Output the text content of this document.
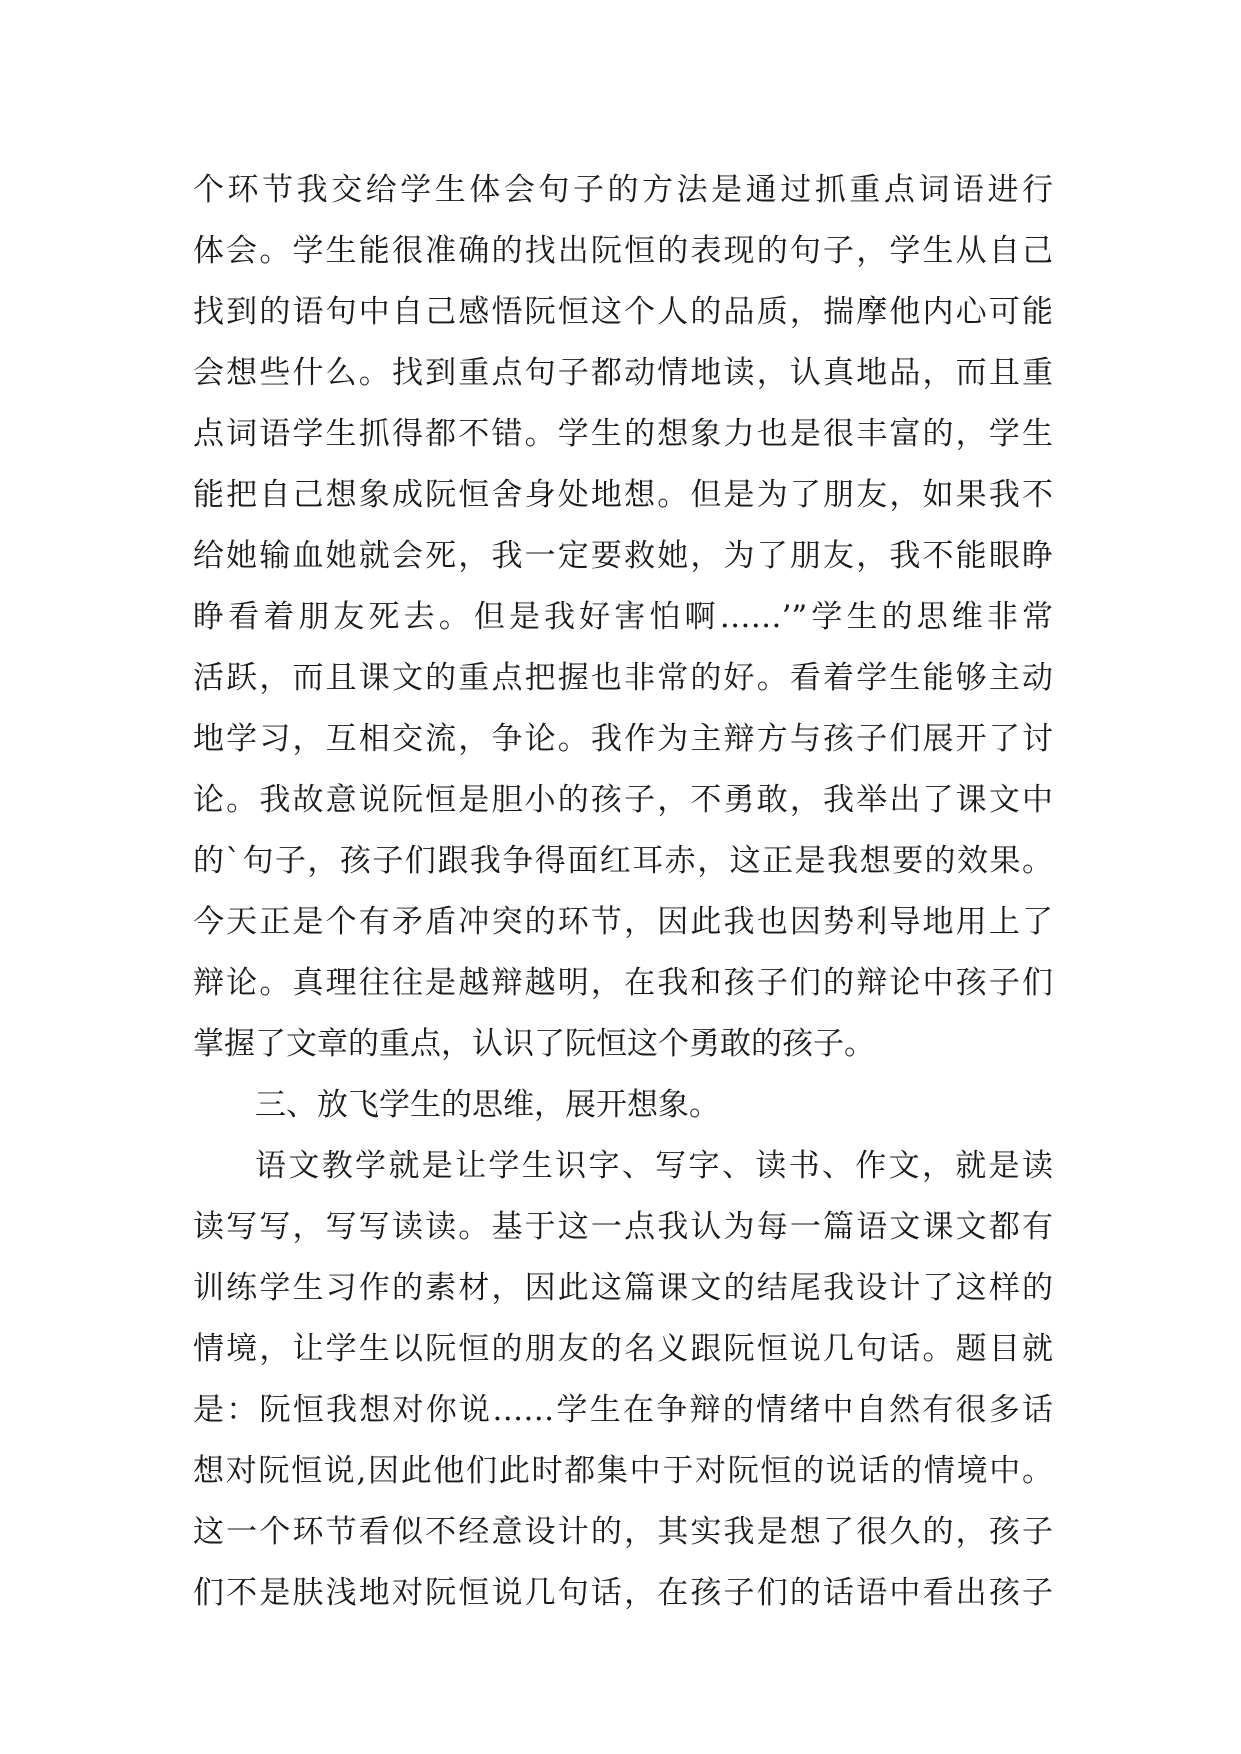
个环节我交给学生体会句子的方法是通过抓重点词语进行
体会。学生能很准确的找出阮恒的表现的句子，学生从自己
找到的语句中自己感悟阮恒这个人的品质，揣摩他内心可能
会想些什么。找到重点句子都动情地读，认真地品，而且重
点词语学生抓得都不错。学生的想象力也是很丰富的，学生
能把自己想象成阮恒舍身处地想。但是为了朋友，如果我不
给她输血她就会死，我一定要救她，为了朋友，我不能眼睁
睁看着朋友死去。但是我好害怕啊……’”学生的思维非常
活跃，而且课文的重点把握也非常的好。看着学生能够主动
地学习，互相交流，争论。我作为主辩方与孩子们展开了讨
论。我故意说阮恒是胆小的孩子，不勇敢，我举出了课文中
的`句子，孩子们跟我争得面红耳赤，这正是我想要的效果。
今天正是个有矛盾冲突的环节，因此我也因势利导地用上了
辩论。真理往往是越辩越明，在我和孩子们的辩论中孩子们
掌握了文章的重点，认识了阮恒这个勇敢的孩子。
三、放飞学生的思维，展开想象。
语文教学就是让学生识字、写字、读书、作文，就是读
读写写，写写读读。基于这一点我认为每一篇语文课文都有
训练学生习作的素材，因此这篇课文的结尾我设计了这样的
情境，让学生以阮恒的朋友的名义跟阮恒说几句话。题目就
是：阮恒我想对你说……学生在争辩的情绪中自然有很多话
想对阮恒说,因此他们此时都集中于对阮恒的说话的情境中。
这一个环节看似不经意设计的，其实我是想了很久的，孩子
们不是肤浅地对阮恒说几句话，在孩子们的话语中看出孩子
